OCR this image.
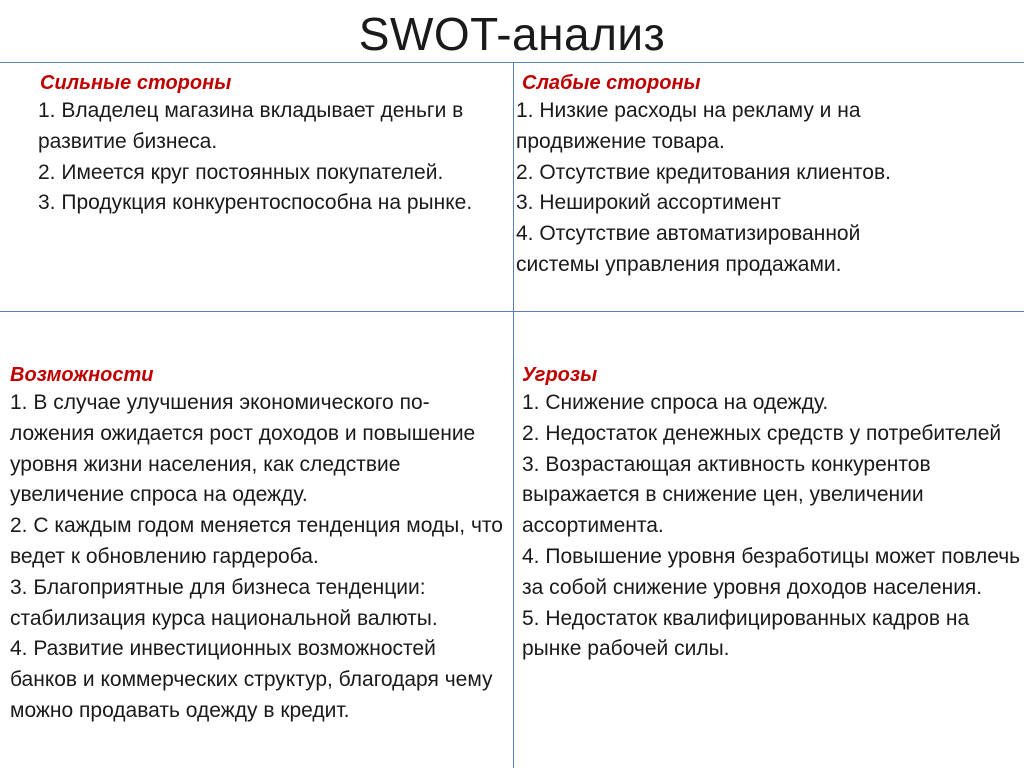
SWOT-анализ
Сильные стороны
1. Владелец магазина вкладывает деньги в развитие бизнеса.
2. Имеется круг постоянных покупателей.
3. Продукция конкурентоспособна на рынке.
Слабые стороны
1. Низкие расходы на рекламу и на продвижение товара.
2. Отсутствие кредитования клиентов.
3. Неширокий ассортимент
4. Отсутствие автоматизированной системы управления продажами.
Возможности
1. В случае улучшения экономического по-ложения ожидается рост доходов и повышение уровня жизни населения, как следствие увеличение спроса на одежду.
2. С каждым годом меняется тенденция моды, что ведет к обновлению гардероба.
3. Благоприятные для бизнеса тенденции: стабилизация курса национальной валюты.
4. Развитие инвестиционных возможностей банков и коммерческих структур, благодаря чему можно продавать одежду в кредит.
Угрозы
1. Снижение спроса на одежду.
2. Недостаток денежных средств у потребителей
3. Возрастающая активность конкурентов выражается в снижение цен, увеличении ассортимента.
4. Повышение уровня безработицы может повлечь за собой снижение уровня доходов населения.
5. Недостаток квалифицированных кадров на рынке рабочей силы.
